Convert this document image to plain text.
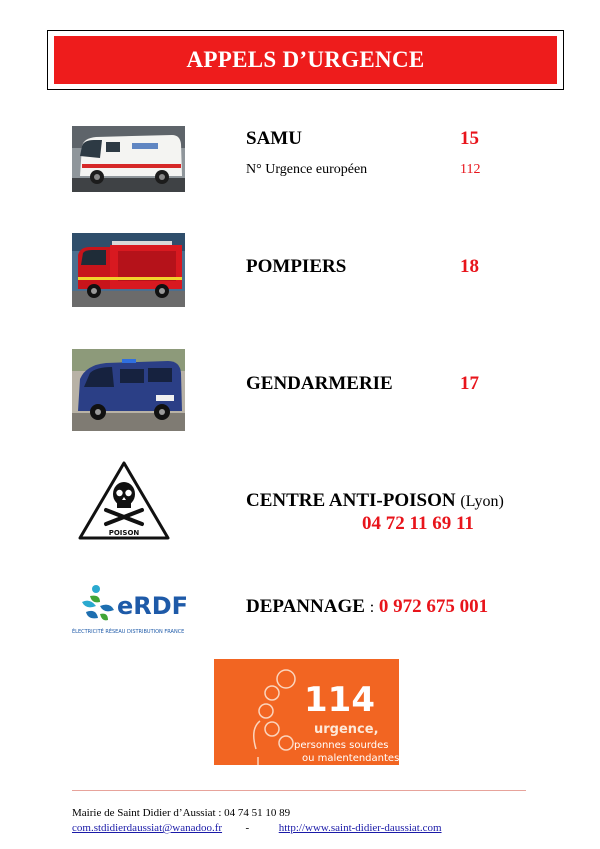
APPELS D’URGENCE
SAMU	15
N° Urgence européen	112
POMPIERS	18
GENDARMERIE	17
POISON
CENTRE ANTI-POISON (Lyon)
04 72 11 69 11
eRDF
ÉLECTRICITÉ RÉSEAU DISTRIBUTION FRANCE
DEPANNAGE : 0 972 675 001
114
urgence,
personnes sourdes
ou malentendantes
Mairie de Saint Didier d’Aussiat : 04 74 51 10 89
com.stdidierdaussiat@wanadoo.fr -	http://www.saint-didier-daussiat.com
